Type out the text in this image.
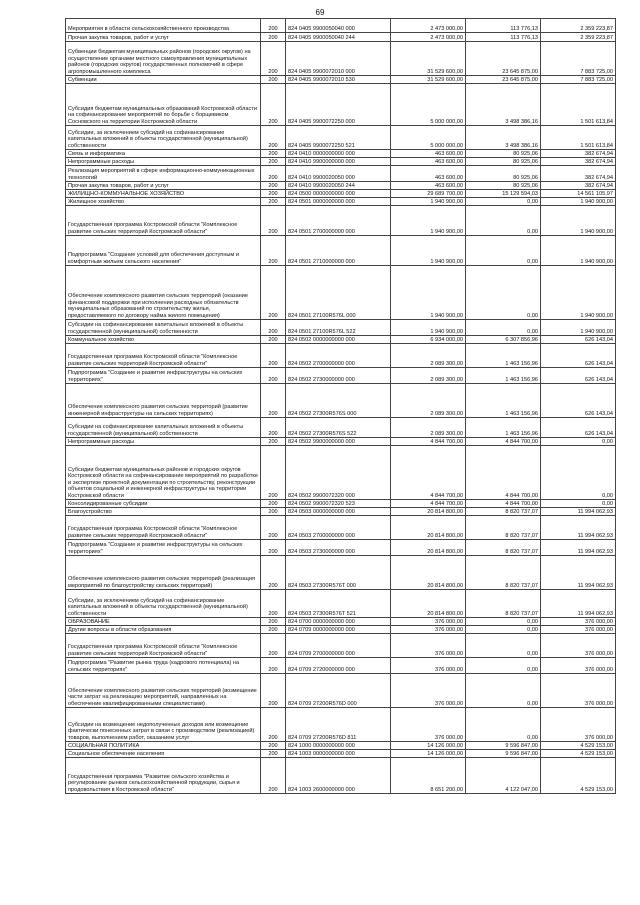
69
Мероприятия в области сельскохозяйственного производства	200	824 0405 9900050040 000	2 473 000,00	113 776,13	2 359 223,87
Прочая закупка товаров, работ и услуг	200	824 0405 9900050040 244	2 473 000,00	113 776,13	2 359 223,87
Субвенции бюджетам муниципальных районов (городских округов) на осуществление органами местного самоуправления муниципальных районов (городских округов) государственных полномочий в сфере агропромышленного комплекса	200	824 0405 9900072010 000	31 529 600,00	23 645 875,00	7 883 725,00
Субвенции	200	824 0405 9900072010 530	31 529 600,00	23 645 875,00	7 883 725,00
Субсидия бюджетам муниципальных образований Костромской области на софинансирование мероприятий по борьбе с борщевиком Сосновского на территории Костромской области	200	824 0405 9900072250 000	5 000 000,00	3 498 386,16	1 501 613,84
Субсидии, за исключением субсидий на софинансирование капитальных вложений в объекты государственной (муниципальной) собственности	200	824 0405 9900072250 521	5 000 000,00	3 498 386,16	1 501 613,84
Связь и информатика	200	824 0410 0000000000 000	463 600,00	80 925,06	382 674,94
Непрограммные расходы	200	824 0410 9900000000 000	463 600,00	80 925,06	382 674,94
Реализация мероприятий в сфере информационно-коммуникационных технологий	200	824 0410 9900020050 000	463 600,00	80 925,06	382 674,94
Прочая закупка товаров, работ и услуг	200	824 0410 9900020050 244	463 600,00	80 925,06	382 674,94
ЖИЛИЩНО-КОММУНАЛЬНОЕ ХОЗЯЙСТВО	200	824 0500 0000000000 000	29 689 700,00	15 129 594,03	14 561 105,97
Жилищное хозяйство	200	824 0501 0000000000 000	1 940 900,00	0,00	1 940 900,00
Государственная программа Костромской области "Комплексное развитие сельских территорий Костромской области"	200	824 0501 2700000000 000	1 940 900,00	0,00	1 940 900,00
Подпрограмма "Создание условий для обеспечения доступным и комфортным жильем сельского населения"	200	824 0501 2710000000 000	1 940 900,00	0,00	1 940 900,00
Обеспечение комплексного развития сельских территорий (оказание финансовой поддержки при исполнении расходных обязательств муниципальных образований по строительству жилья, предоставляемого по договору найма жилого помещения)	200	824 0501 27100R576L 000	1 940 900,00	0,00	1 940 900,00
Субсидии на софинансирование капитальных вложений в объекты государственной (муниципальной) собственности	200	824 0501 27100R576L 522	1 940 900,00	0,00	1 940 900,00
Коммунальное хозяйство	200	824 0502 0000000000 000	6 934 000,00	6 307 856,96	626 143,04
Государственная программа Костромской области "Комплексное развитие сельских территорий Костромской области"	200	824 0502 2700000000 000	2 089 300,00	1 463 156,96	626 143,04
Подпрограмма "Создание и развитие инфраструктуры на сельских территориях"	200	824 0502 2730000000 000	2 089 300,00	1 463 156,96	626 143,04
Обеспечение комплексного развития сельских территорий (развитие инженерной инфраструктуры на сельских территориях)	200	824 0502 27300R576S 000	2 089 300,00	1 463 156,96	626 143,04
Субсидии на софинансирование капитальных вложений в объекты государственной (муниципальной) собственности	200	824 0502 27300R576S 522	2 089 300,00	1 463 156,96	626 143,04
Непрограммные расходы	200	824 0502 9900000000 000	4 844 700,00	4 844 700,00	0,00
Субсидии бюджетам муниципальных районов и городских округов Костромской области на софинансирование мероприятий по разработке и экспертизе проектной документации по строительству, реконструкции объектов социальной и инженерной инфраструктуры на территории Костромской области	200	824 0502 9900072320 000	4 844 700,00	4 844 700,00	0,00
Консолидированные субсидии	200	824 0502 9900072320 523	4 844 700,00	4 844 700,00	0,00
Благоустройство	200	824 0503 0000000000 000	20 814 800,00	8 820 737,07	11 994 062,93
Государственная программа Костромской области "Комплексное развитие сельских территорий Костромской области"	200	824 0503 2700000000 000	20 814 800,00	8 820 737,07	11 994 062,93
Подпрограмма "Создание и развитие инфраструктуры на сельских территориях"	200	824 0503 2730000000 000	20 814 800,00	8 820 737,07	11 994 062,93
Обеспечение комплексного развития сельских территорий (реализация мероприятий по благоустройству сельских территорий)	200	824 0503 27300R576T 000	20 814 800,00	8 820 737,07	11 994 062,93
Субсидии, за исключением субсидий на софинансирование капитальных вложений в объекты государственной (муниципальной) собственности	200	824 0503 27300R576T 521	20 814 800,00	8 820 737,07	11 994 062,93
ОБРАЗОВАНИЕ	200	824 0700 0000000000 000	376 000,00	0,00	376 000,00
Другие вопросы в области образования	200	824 0709 0000000000 000	376 000,00	0,00	376 000,00
Государственная программа Костромской области "Комплексное развитие сельских территорий Костромской области"	200	824 0709 2700000000 000	376 000,00	0,00	376 000,00
Подпрограмма "Развитие рынка труда (кадрового потенциала) на сельских территориях"	200	824 0709 2720000000 000	376 000,00	0,00	376 000,00
Обеспечение комплексного развития сельских территорий (возмещение части затрат на реализацию мероприятий, направленных на обеспечение квалифицированными специалистами)	200	824 0709 27200R576D 000	376 000,00	0,00	376 000,00
Субсидии на возмещение недополученных доходов или возмещение фактически понесенных затрат в связи с производством (реализацией) товаров, выполнением работ, оказанием услуг	200	824 0709 27200R576D 811	376 000,00	0,00	376 000,00
СОЦИАЛЬНАЯ ПОЛИТИКА	200	824 1000 0000000000 000	14 126 000,00	9 596 847,00	4 529 153,00
Социальное обеспечение населения	200	824 1003 0000000000 000	14 126 000,00	9 596 847,00	4 529 153,00
Государственная программа "Развитие сельского хозяйства и регулирование рынков сельскохозяйственной продукции, сырья и продовольствия в Костромской области"	200	824 1003 2600000000 000	8 651 200,00	4 122 047,00	4 529 153,00
